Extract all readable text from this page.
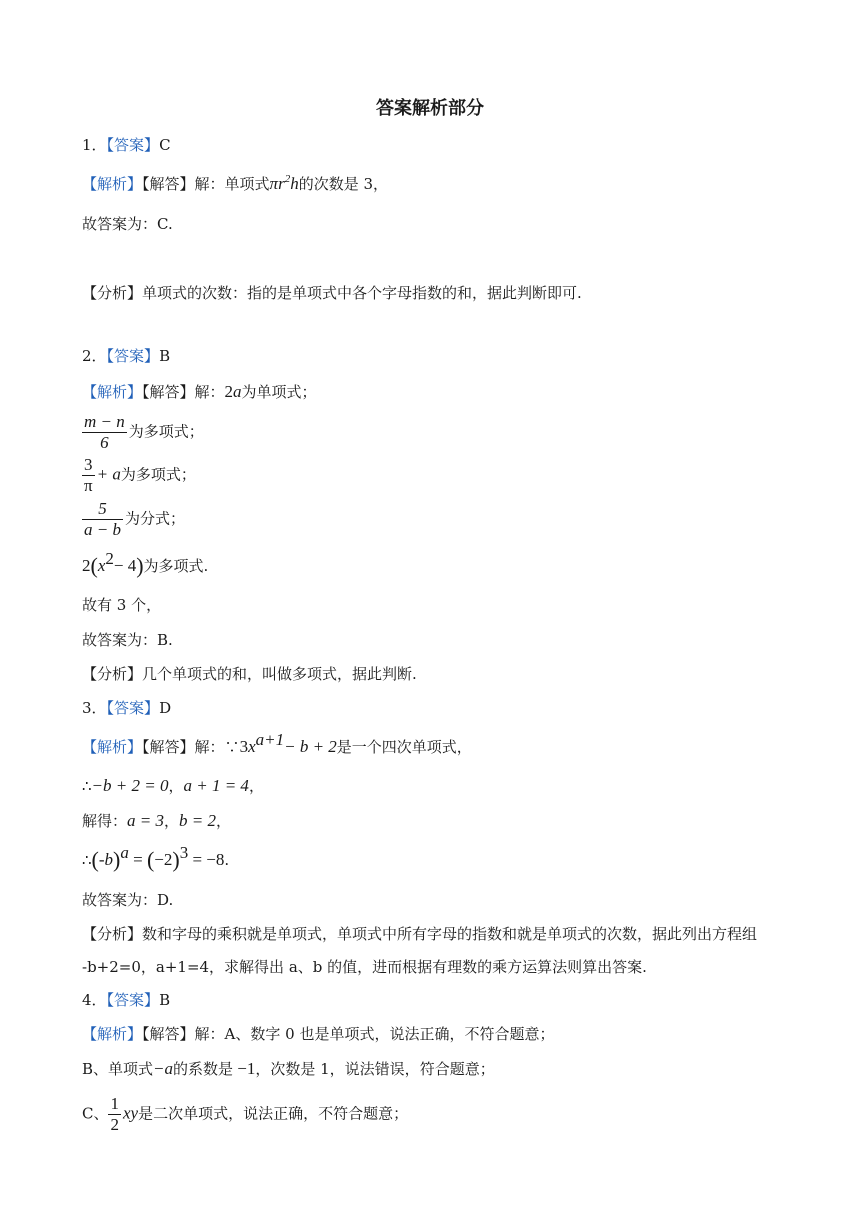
答案解析部分
1．【答案】C
【解析】【解答】解：单项式$\pi r^2h$的次数是 3，
故答案为：C.
【分析】单项式的次数：指的是单项式中各个字母指数的和，据此判断即可.
2．【答案】B
【解析】【解答】解：2a为单项式；
$\frac{m - n}{6}$ 为多项式；
$\frac{3}{\pi} + a$为多项式；
$\frac{5}{a - b}$ 为分式；
$2(x^2- 4)$为多项式.
故有 3 个，
故答案为：B.
【分析】几个单项式的和，叫做多项式，据此判断.
3．【答案】D
【解析】【解答】解：$\because 3x^{a+1}- b + 2$是一个四次单项式，
∴−b + 2 = 0，a + 1 = 4，
解得：a = 3，b = 2，
$\therefore(-b)^a = (-2)^3 = -8$.
故答案为：D.
【分析】数和字母的乘积就是单项式，单项式中所有字母的指数和就是单项式的次数，据此列出方程组
-b+2=0，a+1=4，求解得出 a、b 的值，进而根据有理数的乘方运算法则算出答案.
4．【答案】B
【解析】【解答】解：A、数字 0 也是单项式，说法正确，不符合题意；
B、单项式−a的系数是 −1，次数是 1，说法错误，符合题意；
C、 $\frac{1}{2}$ xy是二次单项式，说法正确，不符合题意；
